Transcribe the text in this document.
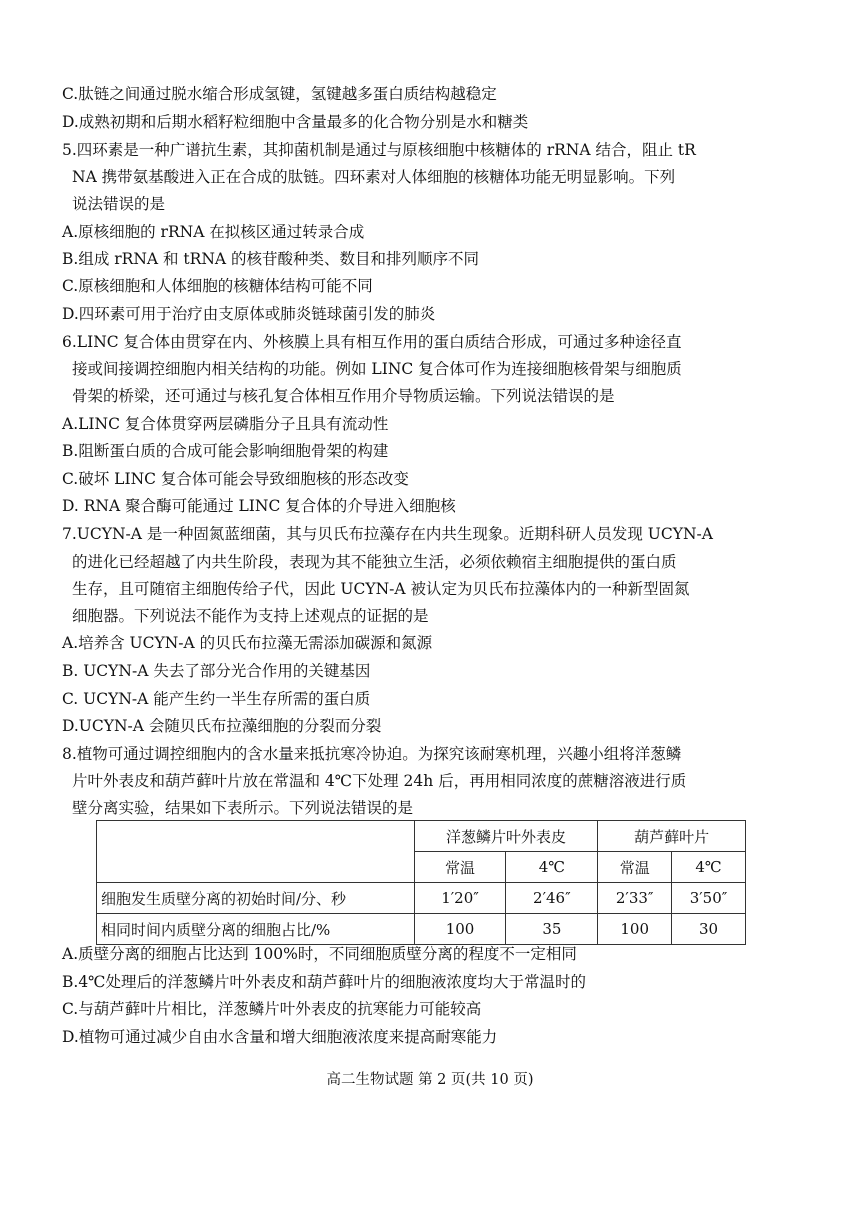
C.肽链之间通过脱水缩合形成氢键，氢键越多蛋白质结构越稳定
D.成熟初期和后期水稻籽粒细胞中含量最多的化合物分别是水和糖类
5.四环素是一种广谱抗生素，其抑菌机制是通过与原核细胞中核糖体的 rRNA 结合，阻止 tR
NA 携带氨基酸进入正在合成的肽链。四环素对人体细胞的核糖体功能无明显影响。下列
说法错误的是
A.原核细胞的 rRNA 在拟核区通过转录合成
B.组成 rRNA 和 tRNA 的核苷酸种类、数目和排列顺序不同
C.原核细胞和人体细胞的核糖体结构可能不同
D.四环素可用于治疗由支原体或肺炎链球菌引发的肺炎
6.LINC 复合体由贯穿在内、外核膜上具有相互作用的蛋白质结合形成，可通过多种途径直
接或间接调控细胞内相关结构的功能。例如 LINC 复合体可作为连接细胞核骨架与细胞质
骨架的桥梁，还可通过与核孔复合体相互作用介导物质运输。下列说法错误的是
A.LINC 复合体贯穿两层磷脂分子且具有流动性
B.阻断蛋白质的合成可能会影响细胞骨架的构建
C.破坏 LINC 复合体可能会导致细胞核的形态改变
D. RNA 聚合酶可能通过 LINC 复合体的介导进入细胞核
7.UCYN-A 是一种固氮蓝细菌，其与贝氏布拉藻存在内共生现象。近期科研人员发现 UCYN-A
的进化已经超越了内共生阶段，表现为其不能独立生活，必须依赖宿主细胞提供的蛋白质
生存，且可随宿主细胞传给子代，因此 UCYN-A 被认定为贝氏布拉藻体内的一种新型固氮
细胞器。下列说法不能作为支持上述观点的证据的是
A.培养含 UCYN-A 的贝氏布拉藻无需添加碳源和氮源
B. UCYN-A 失去了部分光合作用的关键基因
C. UCYN-A 能产生约一半生存所需的蛋白质
D.UCYN-A 会随贝氏布拉藻细胞的分裂而分裂
8.植物可通过调控细胞内的含水量来抵抗寒冷协迫。为探究该耐寒机理，兴趣小组将洋葱鳞
片叶外表皮和葫芦藓叶片放在常温和 4℃下处理 24h 后，再用相同浓度的蔗糖溶液进行质
壁分离实验，结果如下表所示。下列说法错误的是
	洋葱鳞片叶外表皮		葫芦藓叶片	
	常温	4℃	常温	4℃
细胞发生质壁分离的初始时间/分、秒	1′20″	2′46″	2′33″	3′50″
相同时间内质壁分离的细胞占比/%	100	35	100	30
A.质壁分离的细胞占比达到 100%时，不同细胞质壁分离的程度不一定相同
B.4℃处理后的洋葱鳞片叶外表皮和葫芦藓叶片的细胞液浓度均大于常温时的
C.与葫芦藓叶片相比，洋葱鳞片叶外表皮的抗寒能力可能较高
D.植物可通过减少自由水含量和增大细胞液浓度来提高耐寒能力
高二生物试题 第 2 页(共 10 页)
